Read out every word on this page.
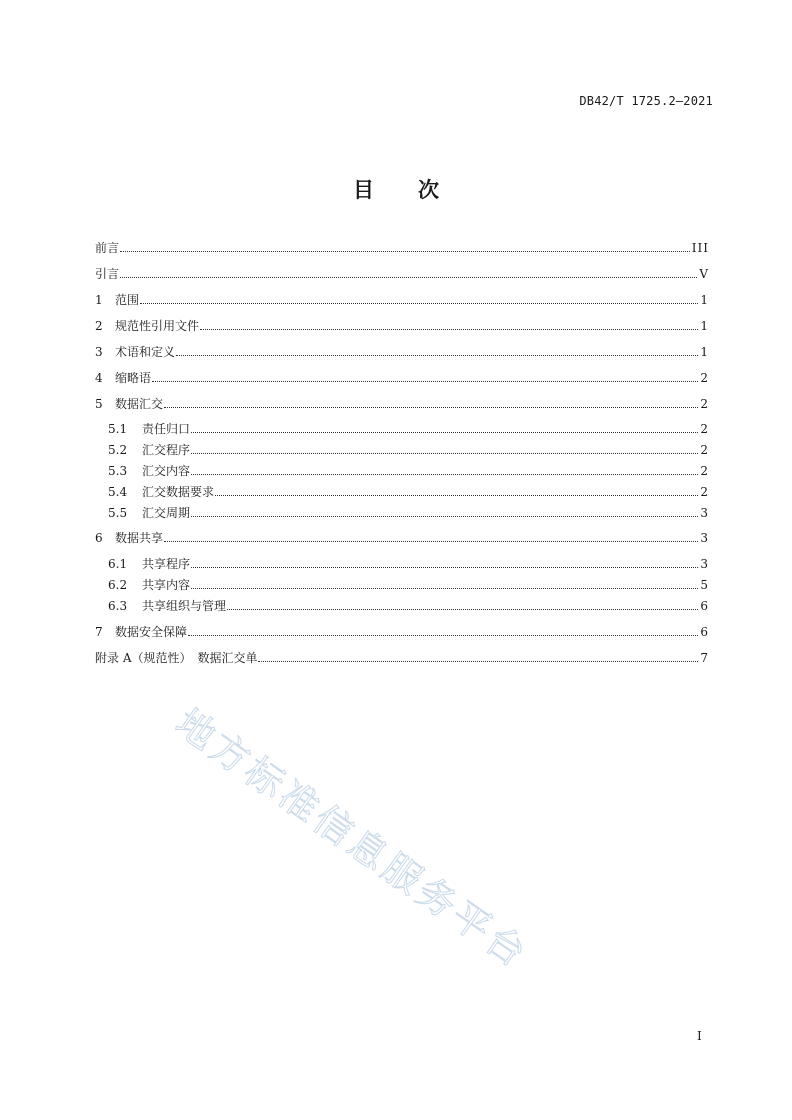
DB42/T 1725.2—2021
目 次
前言	III
引言	V
1	范围	1
2	规范性引用文件	1
3	术语和定义	1
4	缩略语	2
5	数据汇交	2
5.1	责任归口	2
5.2	汇交程序	2
5.3	汇交内容	2
5.4	汇交数据要求	2
5.5	汇交周期	3
6	数据共享	3
6.1	共享程序	3
6.2	共享内容	5
6.3	共享组织与管理	6
7	数据安全保障	6
附录 A（规范性）　数据汇交单	7
地方标准信息服务平台
I
